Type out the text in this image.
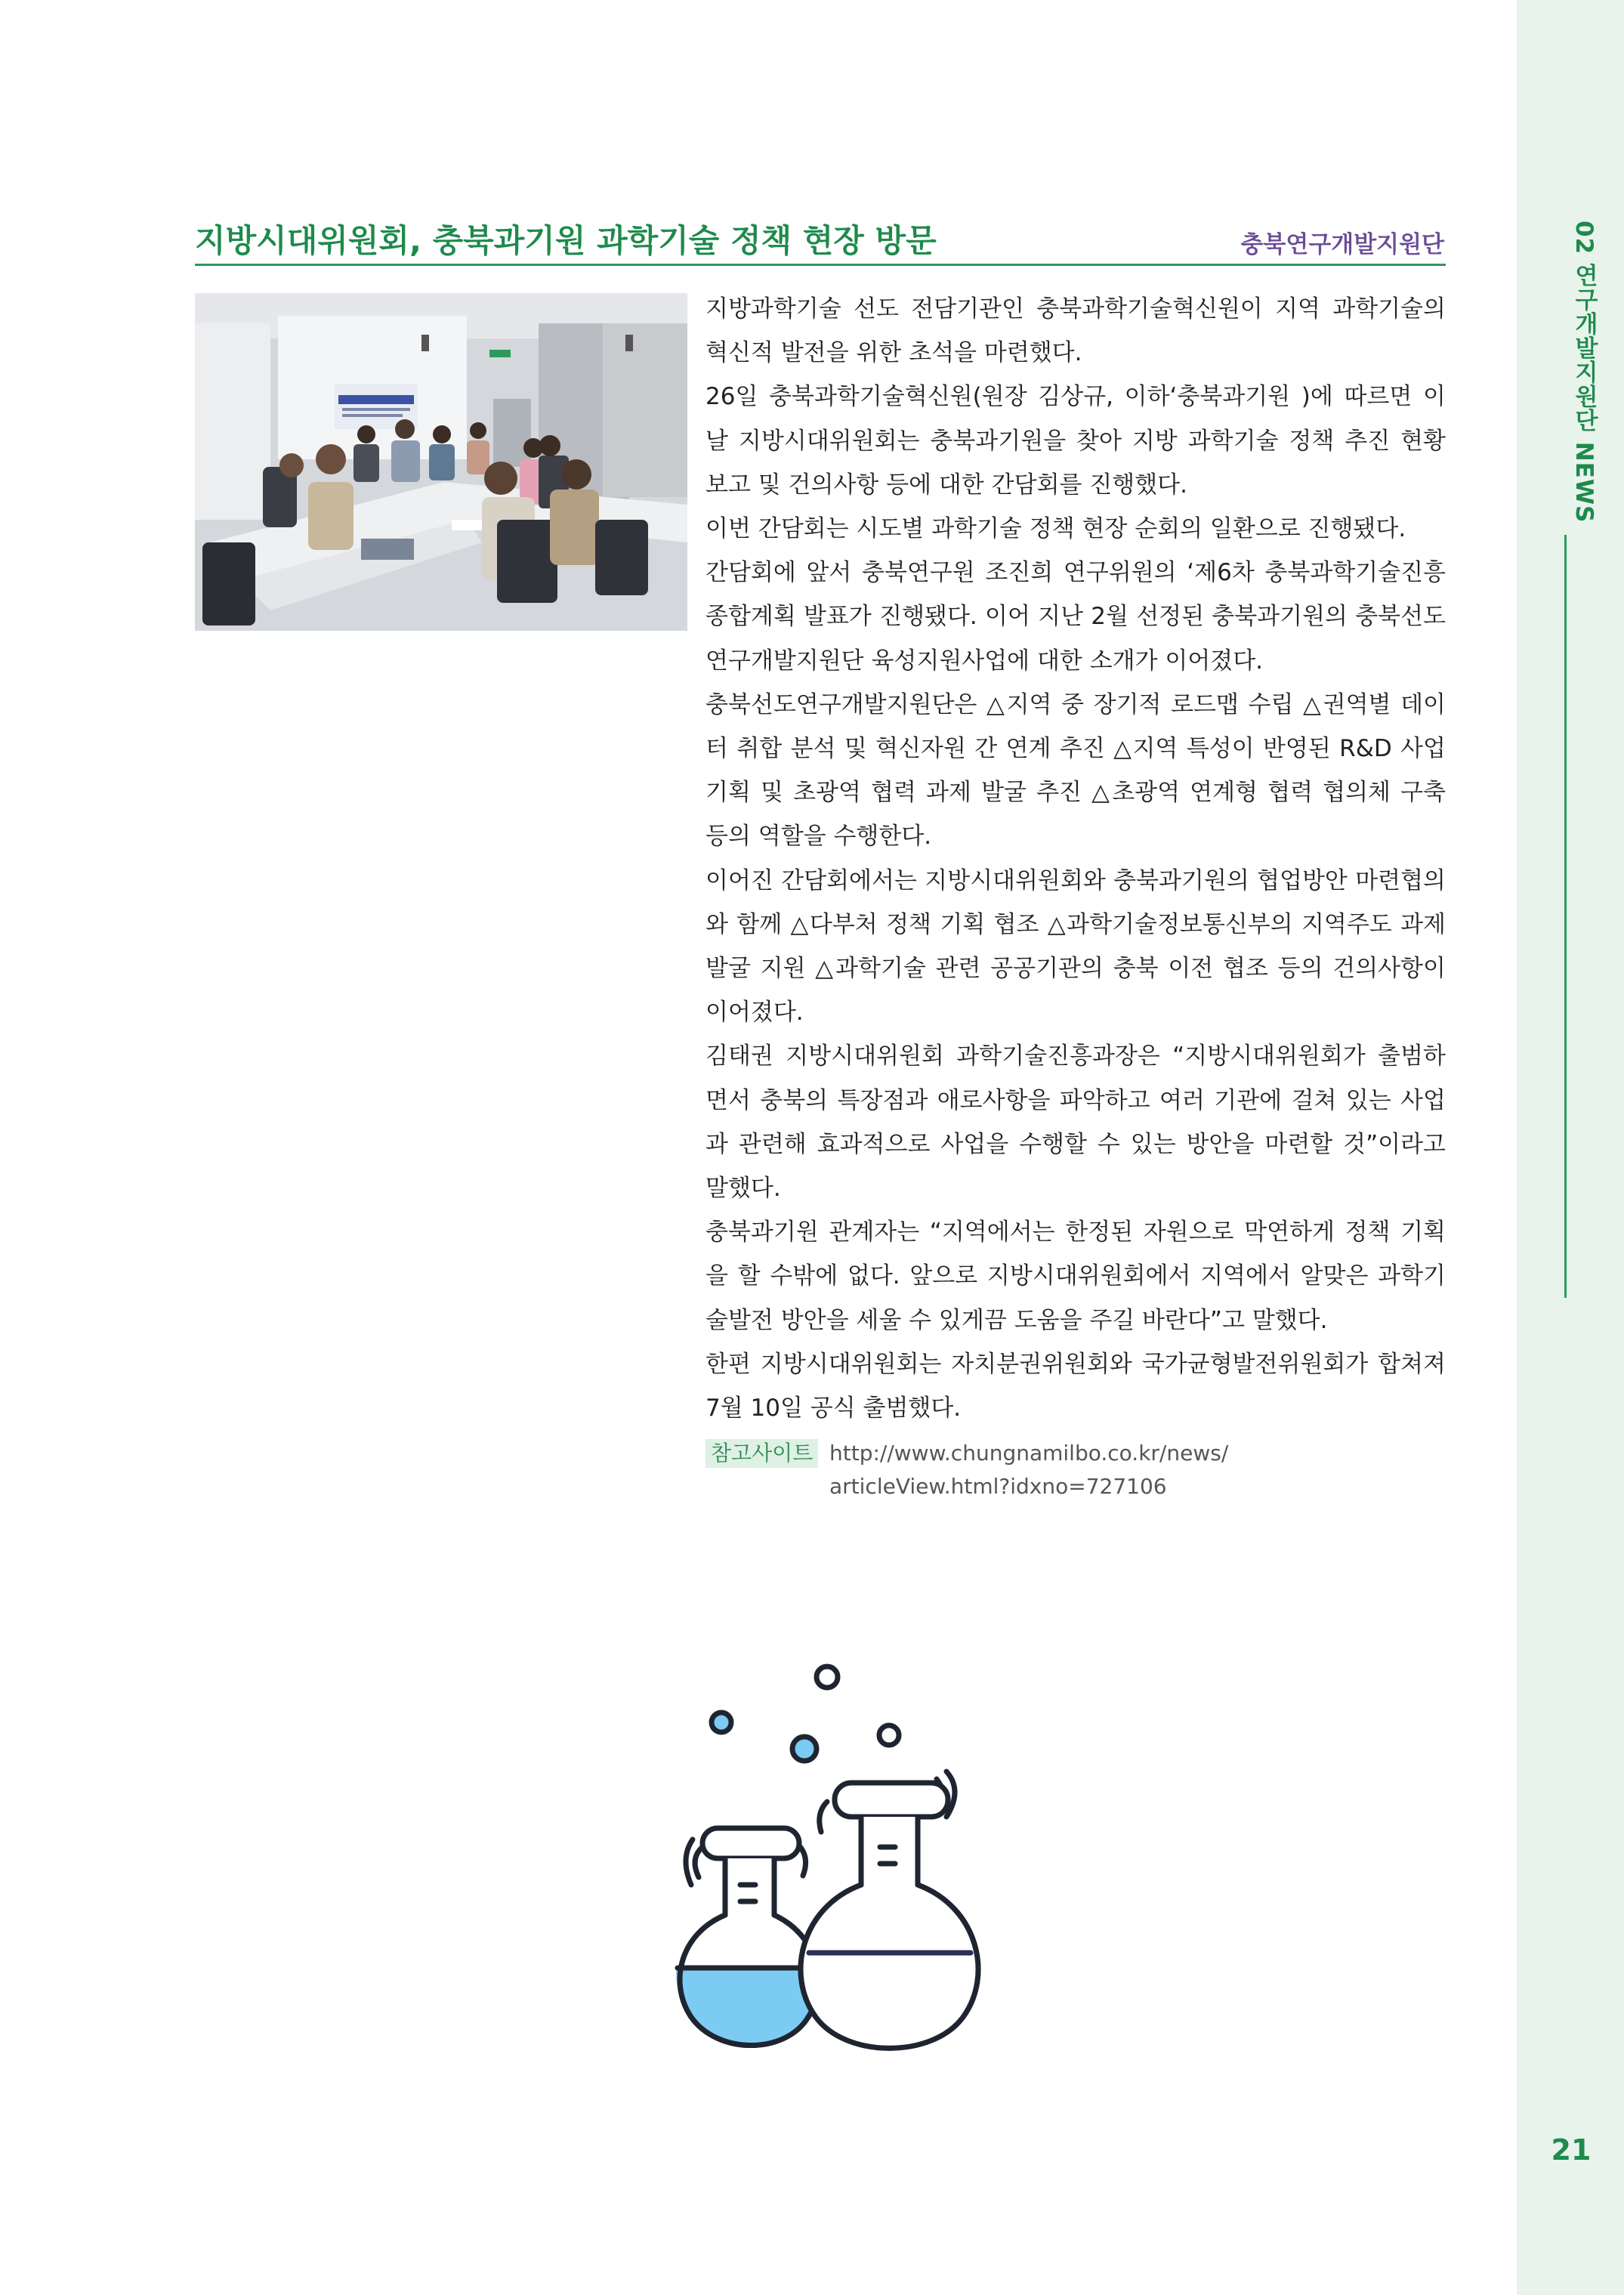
02 연구개발지원단 NEWS
21
지방시대위원회, 충북과기원 과학기술 정책 현장 방문	충북연구개발지원단

지방과학기술 선도 전담기관인 충북과학기술혁신원이 지역 과학기술의 혁신적 발전을 위한 초석을 마련했다.

26일 충북과학기술혁신원(원장 김상규, 이하‘충북과기원 )에 따르면 이날 지방시대위원회는 충북과기원을 찾아 지방 과학기술 정책 추진 현황 보고 및 건의사항 등에 대한 간담회를 진행했다.

이번 간담회는 시도별 과학기술 정책 현장 순회의 일환으로 진행됐다.

간담회에 앞서 충북연구원 조진희 연구위원의 ‘제6차 충북과학기술진흥종합계획 발표가 진행됐다. 이어 지난 2월 선정된 충북과기원의 충북선도연구개발지원단 육성지원사업에 대한 소개가 이어졌다.

충북선도연구개발지원단은 △지역 중 장기적 로드맵 수립 △권역별 데이터 취합 분석 및 혁신자원 간 연계 추진 △지역 특성이 반영된 R&D 사업기획 및 초광역 협력 과제 발굴 추진 △초광역 연계형 협력 협의체 구축 등의 역할을 수행한다.

이어진 간담회에서는 지방시대위원회와 충북과기원의 협업방안 마련협의와 함께 △다부처 정책 기획 협조 △과학기술정보통신부의 지역주도 과제 발굴 지원 △과학기술 관련 공공기관의 충북 이전 협조 등의 건의사항이 이어졌다.

김태권 지방시대위원회 과학기술진흥과장은 “지방시대위원회가 출범하면서 충북의 특장점과 애로사항을 파악하고 여러 기관에 걸쳐 있는 사업과 관련해 효과적으로 사업을 수행할 수 있는 방안을 마련할 것”이라고 말했다.

충북과기원 관계자는 “지역에서는 한정된 자원으로 막연하게 정책 기획을 할 수밖에 없다. 앞으로 지방시대위원회에서 지역에서 알맞은 과학기술발전 방안을 세울 수 있게끔 도움을 주길 바란다”고 말했다.

한편 지방시대위원회는 자치분권위원회와 국가균형발전위원회가 합쳐져 7월 10일 공식 출범했다.

참고사이트 http://www.chungnamilbo.co.kr/news/
articleView.html?idxno=727106
